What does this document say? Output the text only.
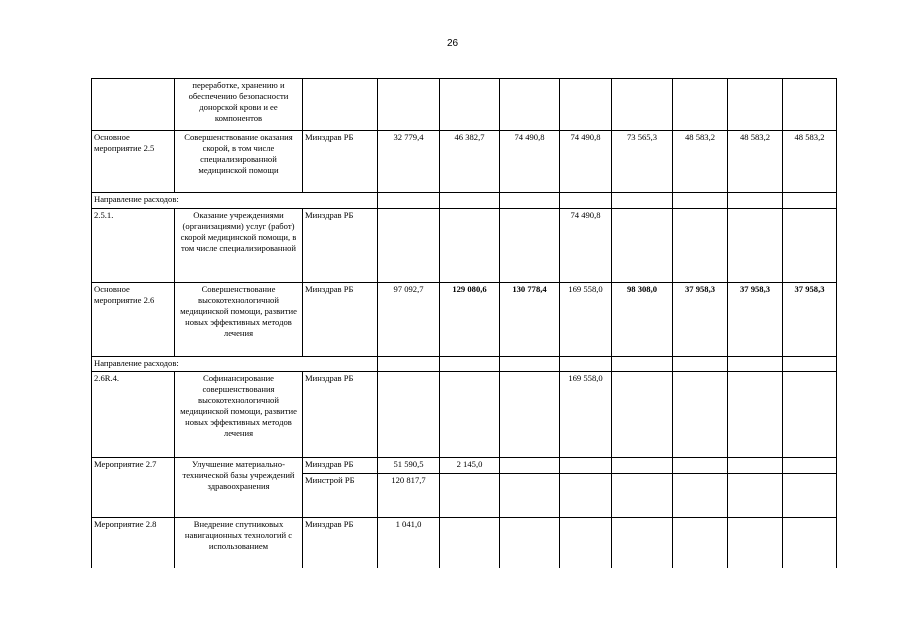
26
	переработке, хранению и обеспечению безопасности донорской крови и ее компонентов										
Основное мероприятие 2.5	Совершенствование оказания скорой, в том числе специализированной медицинской помощи	Минздрав РБ	32 779,4	46 382,7	74 490,8	74 490,8	73 565,3	48 583,2	48 583,2	48 583,2	
Направление расходов:											
2.5.1.	Оказание учреждениями (организациями) услуг (работ) скорой медицинской помощи, в том числе специализированной	Минздрав РБ				74 490,8					
Основное мероприятие 2.6	Совершенствование высокотехнологичной медицинской помощи, развитие новых эффективных методов лечения	Минздрав РБ	97 092,7	129 080,6	130 778,4	169 558,0	98 308,0	37 958,3	37 958,3	37 958,3	
Направление расходов:											
2.6R.4.	Софинансирование совершенствования высокотехнологичной медицинской помощи, развитие новых эффективных методов лечения	Минздрав РБ				169 558,0					
Мероприятие 2.7	Улучшение материально-технической базы учреждений здравоохранения	Минздрав РБ	51 590,5	2 145,0							
		Минстрой РБ	120 817,7								
Мероприятие 2.8	Внедрение спутниковых навигационных технологий с использованием	Минздрав РБ	1 041,0								
